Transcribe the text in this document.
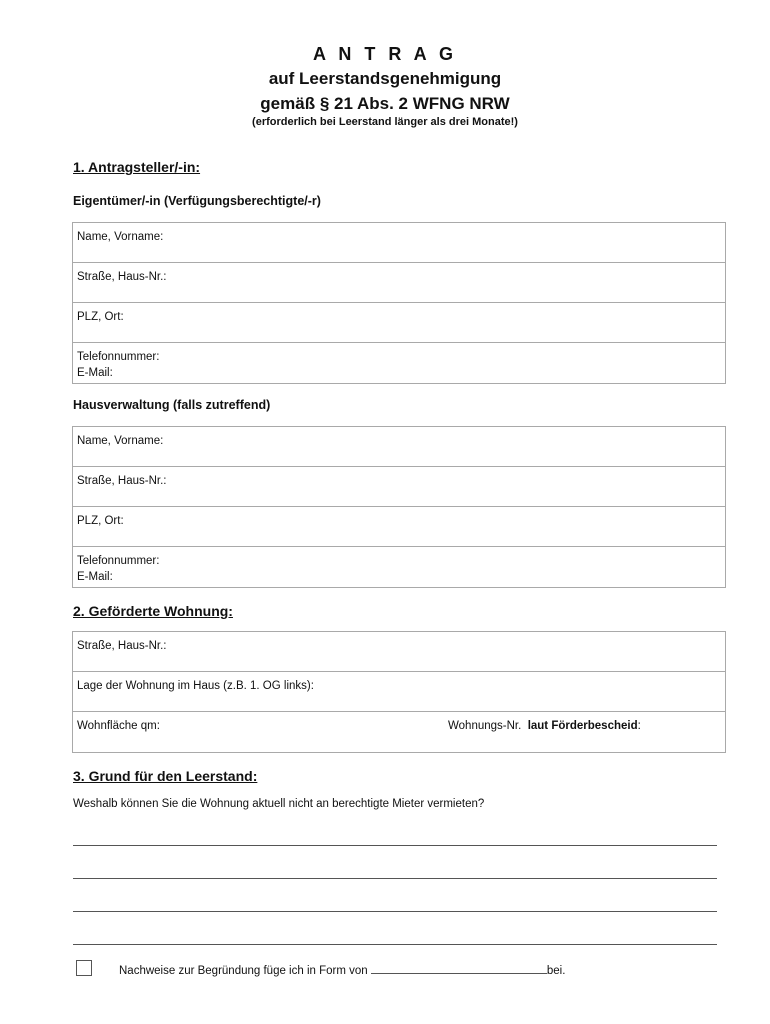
A N T R A G
auf Leerstandsgenehmigung
gemäß § 21 Abs. 2 WFNG NRW
(erforderlich bei Leerstand länger als drei Monate!)
1. Antragsteller/-in:
Eigentümer/-in (Verfügungsberechtigte/-r)
Name, Vorname:
Straße, Haus-Nr.:
PLZ, Ort:
Telefonnummer:
E-Mail:
Hausverwaltung (falls zutreffend)
Name, Vorname:
Straße, Haus-Nr.:
PLZ, Ort:
Telefonnummer:
E-Mail:
2. Geförderte Wohnung:
Straße, Haus-Nr.:
Lage der Wohnung im Haus (z.B. 1. OG links):
Wohnfläche qm:	Wohnungs-Nr. laut Förderbescheid:
3. Grund für den Leerstand:
Weshalb können Sie die Wohnung aktuell nicht an berechtigte Mieter vermieten?
Nachweise zur Begründung füge ich in Form von	bei.
